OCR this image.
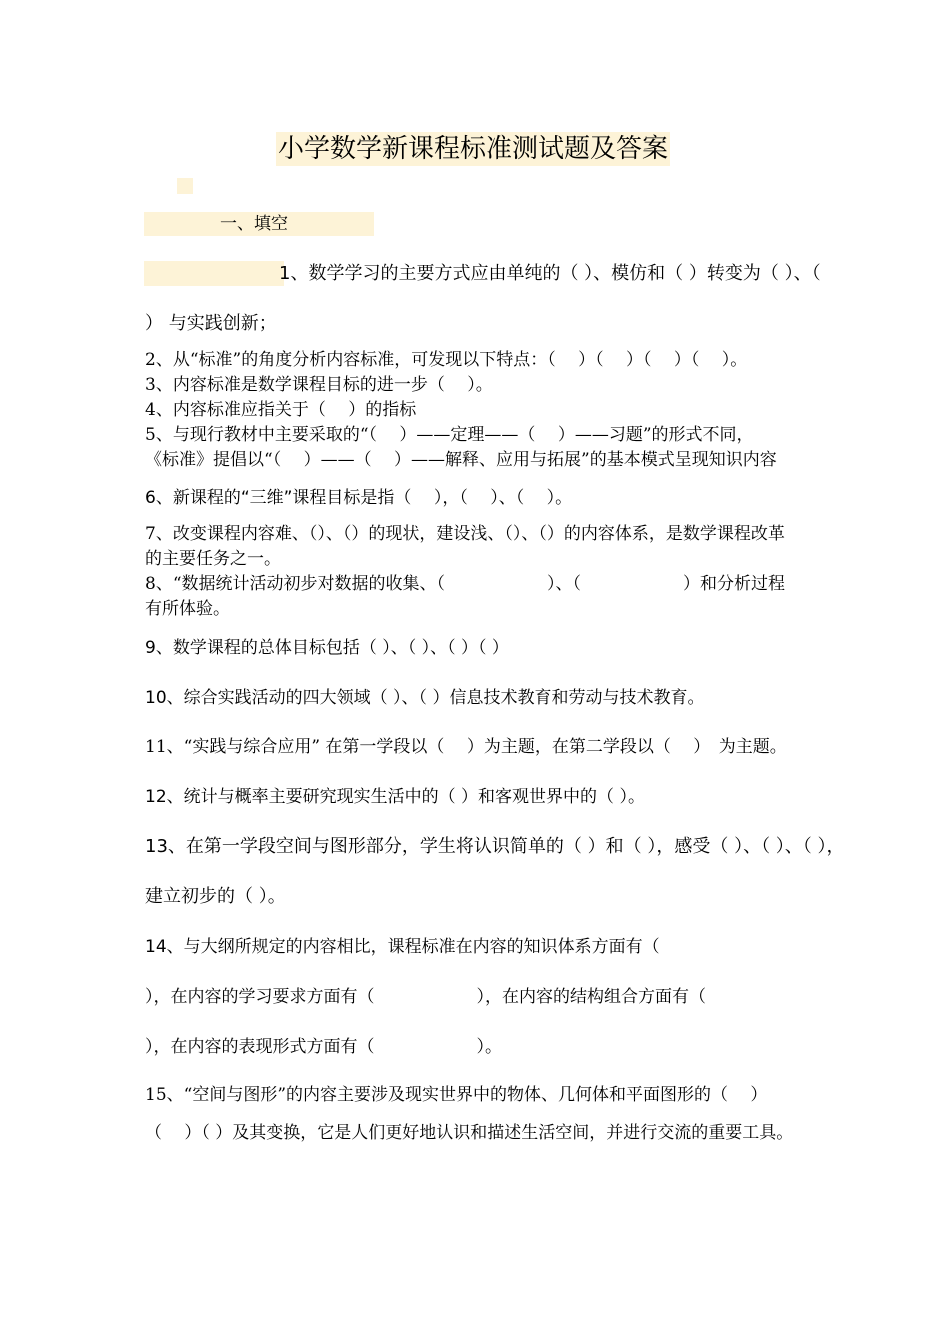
小学数学新课程标准测试题及答案
一、填空
1、数学学习的主要方式应由单纯的（ ）、模仿和（ ）转变为（ ）、（
） 与实践创新；
2、从“标准”的角度分析内容标准，可发现以下特点：（　 ）（　 ）（　 ）（　 ）。
3、内容标准是数学课程目标的进一步（　 ）。
4、内容标准应指关于（　 ）的指标
5、与现行教材中主要采取的“（　 ）——定理——（　 ）——习题”的形式不同，
《标准》提倡以“（　 ）——（　 ）——解释、应用与拓展”的基本模式呈现知识内容
6、新课程的“三维”课程目标是指（　 ），（　 ）、（　 ）。
7、改变课程内容难、（）、（）的现状，建设浅、（）、（）的内容体系，是数学课程改革
的主要任务之一。
8、“数据统计活动初步对数据的收集、（　　　　　　）、（　　　　　　）和分析过程
有所体验。
9、数学课程的总体目标包括（ ）、（ ）、（ ）（ ）
10、综合实践活动的四大领域（ ）、（ ）信息技术教育和劳动与技术教育。
11、“实践与综合应用” 在第一学段以（　 ）为主题，在第二学段以（　 ）　为主题。
12、统计与概率主要研究现实生活中的（ ）和客观世界中的（ ）。
13、在第一学段空间与图形部分，学生将认识简单的（ ）和（ ），感受（ ）、（ ）、（ ），
建立初步的（ ）。
14、与大纲所规定的内容相比，课程标准在内容的知识体系方面有（
），在内容的学习要求方面有（　　　　　　），在内容的结构组合方面有（
），在内容的表现形式方面有（　　　　　　）。
15、“空间与图形”的内容主要涉及现实世界中的物体、几何体和平面图形的（　 ）
（　 ）（ ）及其变换，它是人们更好地认识和描述生活空间，并进行交流的重要工具。
